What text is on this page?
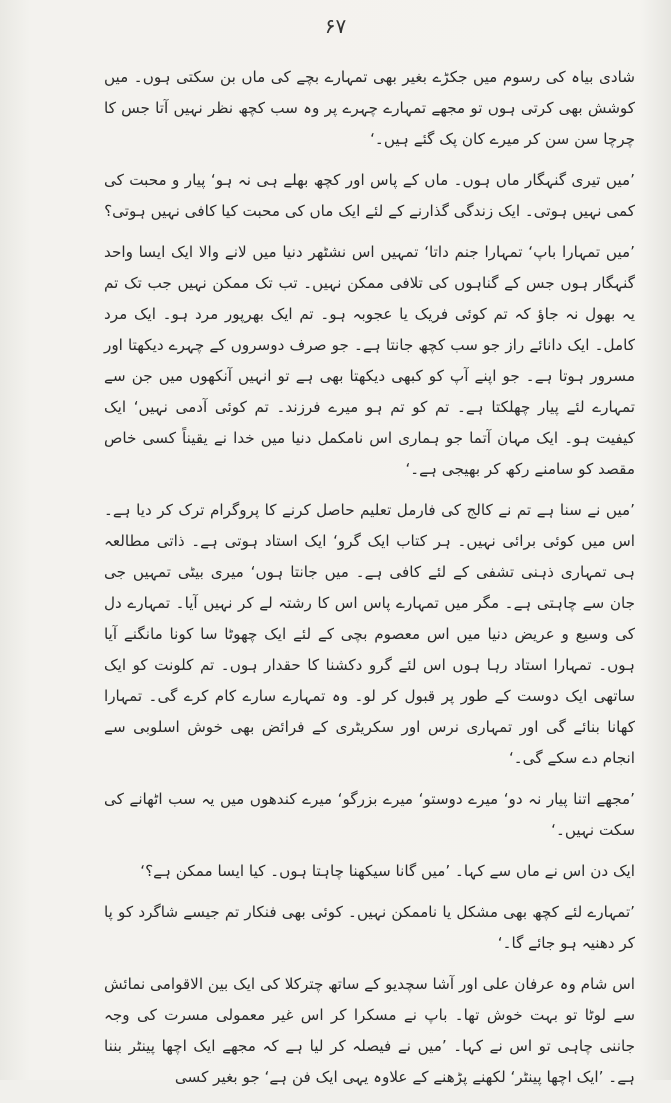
۶۷

شادی بیاہ کی رسوم میں جکڑے بغیر بھی تمہارے بچے کی ماں بن سکتی ہوں۔ میں کوشش بھی کرتی ہوں تو مجھے تمہارے چہرے پر وہ سب کچھ نظر نہیں آتا جس کا چرچا سن سن کر میرے کان پک گئے ہیں۔‘

’میں تیری گنہگار ماں ہوں۔ ماں کے پاس اور کچھ بھلے ہی نہ ہو‘ پیار و محبت کی کمی نہیں ہوتی۔ ایک زندگی گذارنے کے لئے ایک ماں کی محبت کیا کافی نہیں ہوتی؟

’میں تمہارا باپ‘ تمہارا جنم داتا‘ تمہیں اس نشٹھر دنیا میں لانے والا ایک ایسا واحد گنہگار ہوں جس کے گناہوں کی تلافی ممکن نہیں۔ تب تک ممکن نہیں جب تک تم یہ بھول نہ جاؤ کہ تم کوئی فریک یا عجوبہ ہو۔ تم ایک بھرپور مرد ہو۔ ایک مرد کامل۔ ایک دانائے راز جو سب کچھ جانتا ہے۔ جو صرف دوسروں کے چہرے دیکھتا اور مسرور ہوتا ہے۔ جو اپنے آپ کو کبھی دیکھتا بھی ہے تو انہیں آنکھوں میں جن سے تمہارے لئے پیار چھلکتا ہے۔ تم کو تم ہو میرے فرزند۔ تم کوئی آدمی نہیں‘ ایک کیفیت ہو۔ ایک مہان آتما جو ہماری اس نامکمل دنیا میں خدا نے یقیناً کسی خاص مقصد کو سامنے رکھ کر بھیجی ہے۔‘

’میں نے سنا ہے تم نے کالج کی فارمل تعلیم حاصل کرنے کا پروگرام ترک کر دیا ہے۔ اس میں کوئی برائی نہیں۔ ہر کتاب ایک گرو‘ ایک استاد ہوتی ہے۔ ذاتی مطالعہ ہی تمہاری ذہنی تشفی کے لئے کافی ہے۔ میں جانتا ہوں‘ میری بیٹی تمہیں جی جان سے چاہتی ہے۔ مگر میں تمہارے پاس اس کا رشتہ لے کر نہیں آیا۔ تمہارے دل کی وسیع و عریض دنیا میں اس معصوم بچی کے لئے ایک چھوٹا سا کونا مانگنے آیا ہوں۔ تمہارا استاد رہا ہوں اس لئے گرو دکشنا کا حقدار ہوں۔ تم کلونت کو ایک ساتھی ایک دوست کے طور پر قبول کر لو۔ وہ تمہارے سارے کام کرے گی۔ تمہارا کھانا بنائے گی اور تمہاری نرس اور سکریٹری کے فرائض بھی خوش اسلوبی سے انجام دے سکے گی۔‘

’مجھے اتنا پیار نہ دو‘ میرے دوستو‘ میرے بزرگو‘ میرے کندھوں میں یہ سب اٹھانے کی سکت نہیں۔‘

ایک دن اس نے ماں سے کہا۔ ’میں گانا سیکھنا چاہتا ہوں۔ کیا ایسا ممکن ہے؟‘

’تمہارے لئے کچھ بھی مشکل یا ناممکن نہیں۔ کوئی بھی فنکار تم جیسے شاگرد کو پا کر دھنیہ ہو جائے گا۔‘

اس شام وہ عرفان علی اور آشا سچدیو کے ساتھ چترکلا کی ایک بین الاقوامی نمائش سے لوٹا تو بہت خوش تھا۔ باپ نے مسکرا کر اس غیر معمولی مسرت کی وجہ جاننی چاہی تو اس نے کہا۔ ’میں نے فیصلہ کر لیا ہے کہ مجھے ایک اچھا پینٹر بننا ہے۔ ’ایک اچھا پینٹر‘ لکھنے پڑھنے کے علاوہ یہی ایک فن ہے‘ جو بغیر کسی
